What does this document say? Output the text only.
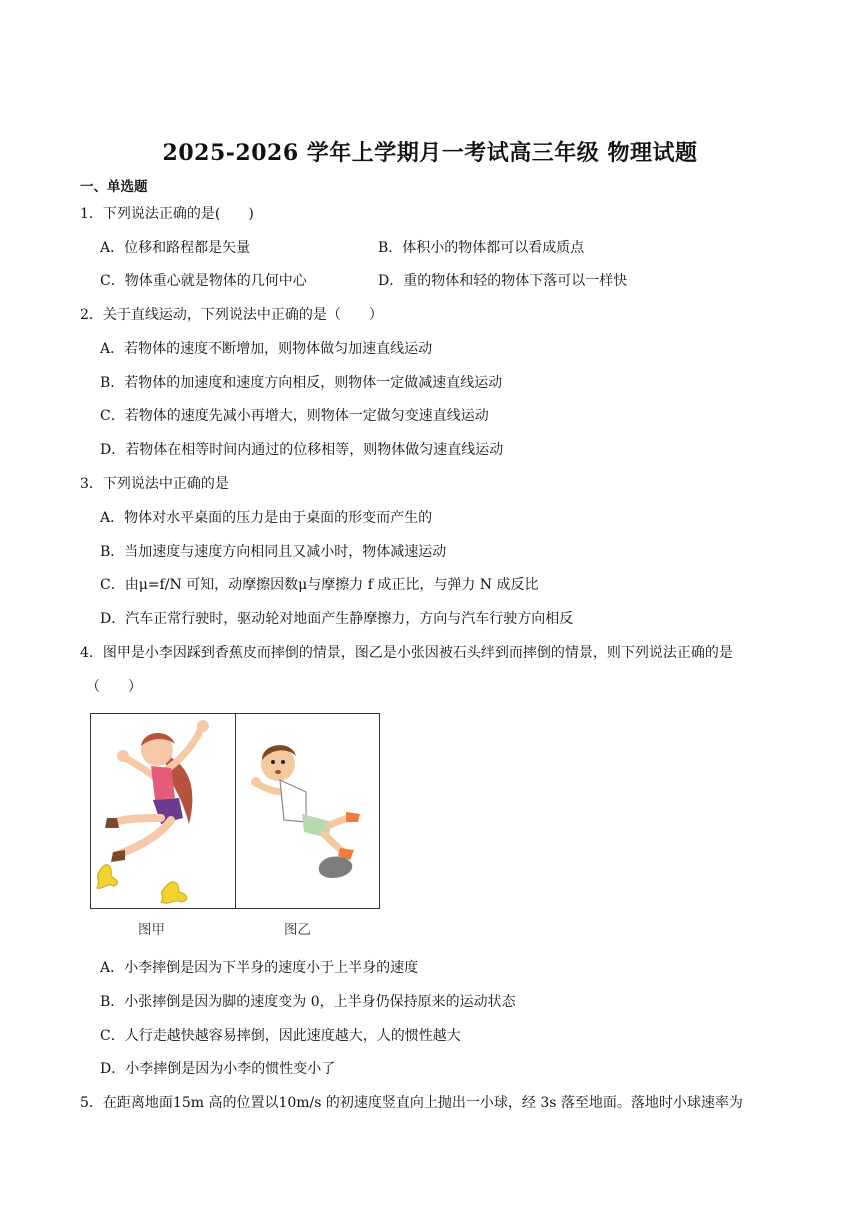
2025-2026 学年上学期月一考试高三年级 物理试题
一、单选题
1．下列说法正确的是(　　)
A．位移和路程都是矢量	B．体积小的物体都可以看成质点
C．物体重心就是物体的几何中心	D．重的物体和轻的物体下落可以一样快
2．关于直线运动，下列说法中正确的是（　　）
A．若物体的速度不断增加，则物体做匀加速直线运动
B．若物体的加速度和速度方向相反，则物体一定做减速直线运动
C．若物体的速度先减小再增大，则物体一定做匀变速直线运动
D．若物体在相等时间内通过的位移相等，则物体做匀速直线运动
3．下列说法中正确的是
A．物体对水平桌面的压力是由于桌面的形变而产生的
B．当加速度与速度方向相同且又减小时，物体减速运动
C．由μ=f/N 可知，动摩擦因数μ与摩擦力 f 成正比，与弹力 N 成反比
D．汽车正常行驶时，驱动轮对地面产生静摩擦力，方向与汽车行驶方向相反
4．图甲是小李因踩到香蕉皮而摔倒的情景，图乙是小张因被石头绊到而摔倒的情景，则下列说法正确的是
（　　）
图甲	图乙
A．小李摔倒是因为下半身的速度小于上半身的速度
B．小张摔倒是因为脚的速度变为 0，上半身仍保持原来的运动状态
C．人行走越快越容易摔倒，因此速度越大，人的惯性越大
D．小李摔倒是因为小李的惯性变小了
5．在距离地面15m 高的位置以10m/s 的初速度竖直向上抛出一小球，经 3s 落至地面。落地时小球速率为
